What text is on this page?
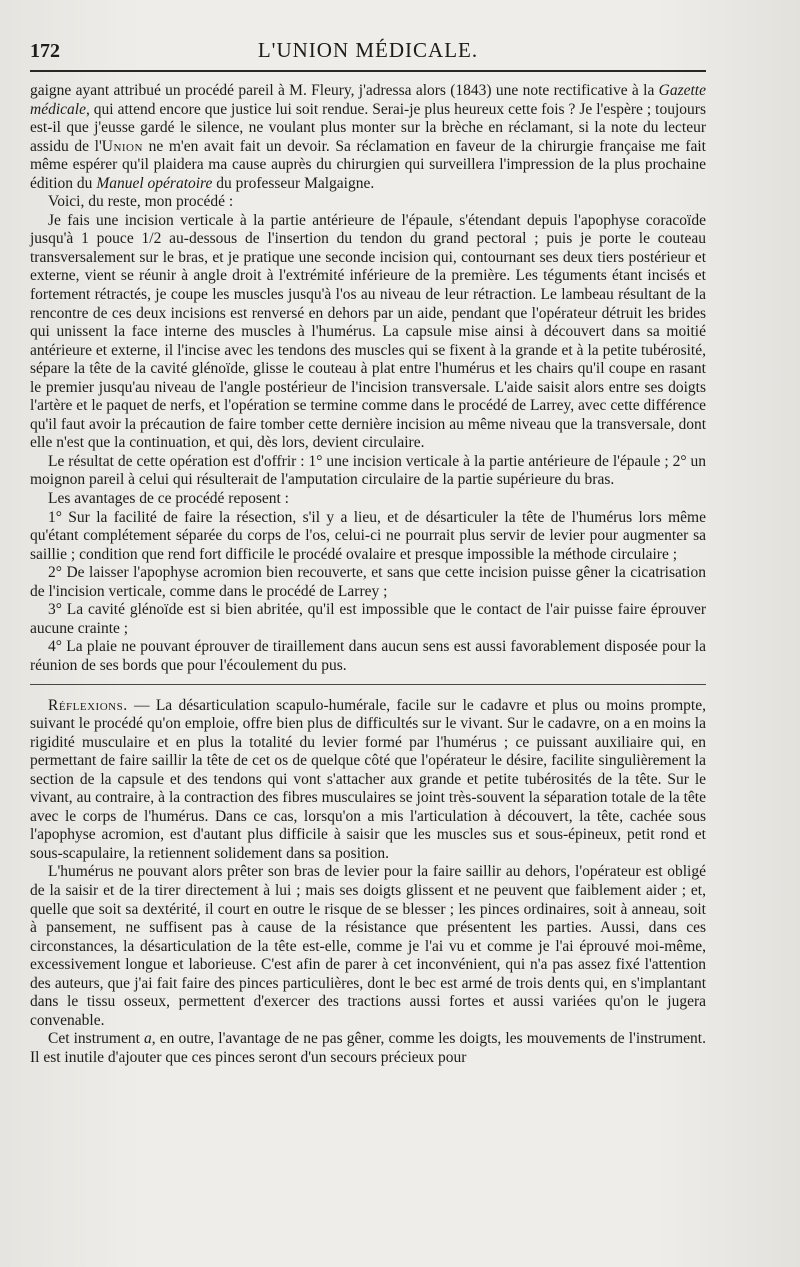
172	L'UNION MÉDICALE.

gaigne ayant attribué un procédé pareil à M. Fleury, j'adressa alors (1843) une note rectificative à la Gazette médicale, qui attend encore que justice lui soit rendue. Serai-je plus heureux cette fois ? Je l'espère ; toujours est-il que j'eusse gardé le silence, ne voulant plus monter sur la brèche en réclamant, si la note du lecteur assidu de l'Union ne m'en avait fait un devoir. Sa réclamation en faveur de la chirurgie française me fait même espérer qu'il plaidera ma cause auprès du chirurgien qui surveillera l'impression de la plus prochaine édition du Manuel opératoire du professeur Malgaigne.

Voici, du reste, mon procédé :

Je fais une incision verticale à la partie antérieure de l'épaule, s'étendant depuis l'apophyse coracoïde jusqu'à 1 pouce 1/2 au-dessous de l'insertion du tendon du grand pectoral ; puis je porte le couteau transversalement sur le bras, et je pratique une seconde incision qui, contournant ses deux tiers postérieur et externe, vient se réunir à angle droit à l'extrémité inférieure de la première. Les téguments étant incisés et fortement rétractés, je coupe les muscles jusqu'à l'os au niveau de leur rétraction. Le lambeau résultant de la rencontre de ces deux incisions est renversé en dehors par un aide, pendant que l'opérateur détruit les brides qui unissent la face interne des muscles à l'humérus. La capsule mise ainsi à découvert dans sa moitié antérieure et externe, il l'incise avec les tendons des muscles qui se fixent à la grande et à la petite tubérosité, sépare la tête de la cavité glénoïde, glisse le couteau à plat entre l'humérus et les chairs qu'il coupe en rasant le premier jusqu'au niveau de l'angle postérieur de l'incision transversale. L'aide saisit alors entre ses doigts l'artère et le paquet de nerfs, et l'opération se termine comme dans le procédé de Larrey, avec cette différence qu'il faut avoir la précaution de faire tomber cette dernière incision au même niveau que la transversale, dont elle n'est que la continuation, et qui, dès lors, devient circulaire.

Le résultat de cette opération est d'offrir : 1° une incision verticale à la partie antérieure de l'épaule ; 2° un moignon pareil à celui qui résulterait de l'amputation circulaire de la partie supérieure du bras.

Les avantages de ce procédé reposent :

1° Sur la facilité de faire la résection, s'il y a lieu, et de désarticuler la tête de l'humérus lors même qu'étant complétement séparée du corps de l'os, celui-ci ne pourrait plus servir de levier pour augmenter sa saillie ; condition que rend fort difficile le procédé ovalaire et presque impossible la méthode circulaire ;

2° De laisser l'apophyse acromion bien recouverte, et sans que cette incision puisse gêner la cicatrisation de l'incision verticale, comme dans le procédé de Larrey ;

3° La cavité glénoïde est si bien abritée, qu'il est impossible que le contact de l'air puisse faire éprouver aucune crainte ;

4° La plaie ne pouvant éprouver de tiraillement dans aucun sens est aussi favorablement disposée pour la réunion de ses bords que pour l'écoulement du pus.

Réflexions. — La désarticulation scapulo-humérale, facile sur le cadavre et plus ou moins prompte, suivant le procédé qu'on emploie, offre bien plus de difficultés sur le vivant. Sur le cadavre, on a en moins la rigidité musculaire et en plus la totalité du levier formé par l'humérus ; ce puissant auxiliaire qui, en permettant de faire saillir la tête de cet os de quelque côté que l'opérateur le désire, facilite singulièrement la section de la capsule et des tendons qui vont s'attacher aux grande et petite tubérosités de la tête. Sur le vivant, au contraire, à la contraction des fibres musculaires se joint très-souvent la séparation totale de la tête avec le corps de l'humérus. Dans ce cas, lorsqu'on a mis l'articulation à découvert, la tête, cachée sous l'apophyse acromion, est d'autant plus difficile à saisir que les muscles sus et sous-épineux, petit rond et sous-scapulaire, la retiennent solidement dans sa position.

L'humérus ne pouvant alors prêter son bras de levier pour la faire saillir au dehors, l'opérateur est obligé de la saisir et de la tirer directement à lui ; mais ses doigts glissent et ne peuvent que faiblement aider ; et, quelle que soit sa dextérité, il court en outre le risque de se blesser ; les pinces ordinaires, soit à anneau, soit à pansement, ne suffisent pas à cause de la résistance que présentent les parties. Aussi, dans ces circonstances, la désarticulation de la tête est-elle, comme je l'ai vu et comme je l'ai éprouvé moi-même, excessivement longue et laborieuse. C'est afin de parer à cet inconvénient, qui n'a pas assez fixé l'attention des auteurs, que j'ai fait faire des pinces particulières, dont le bec est armé de trois dents qui, en s'implantant dans le tissu osseux, permettent d'exercer des tractions aussi fortes et aussi variées qu'on le jugera convenable.

Cet instrument a, en outre, l'avantage de ne pas gêner, comme les doigts, les mouvements de l'instrument. Il est inutile d'ajouter que ces pinces seront d'un secours précieux pour
